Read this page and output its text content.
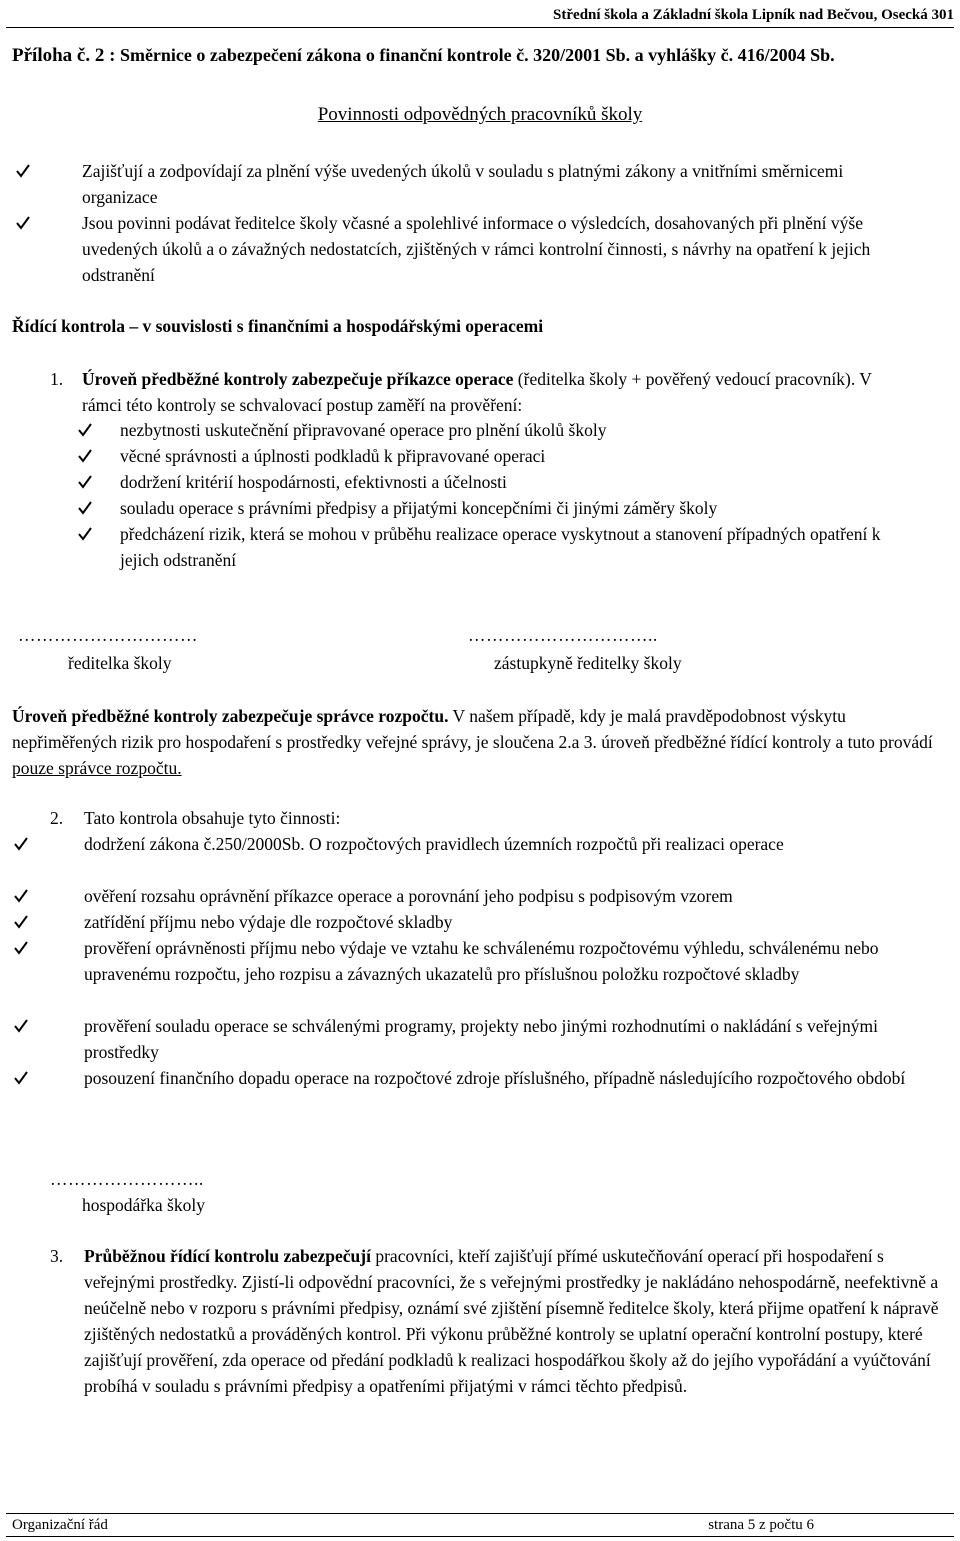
Střední škola a Základní škola Lipník nad Bečvou, Osecká 301
Příloha č. 2 : Směrnice o zabezpečení zákona o finanční kontrole č. 320/2001 Sb. a vyhlášky č. 416/2004 Sb.
Povinnosti odpovědných pracovníků školy
Zajišťují a zodpovídají za plnění výše uvedených úkolů v souladu s platnými zákony a vnitřními směrnicemi organizace
Jsou povinni podávat ředitelce školy včasné a spolehlivé informace o výsledcích, dosahovaných při plnění výše uvedených úkolů a o závažných nedostatcích, zjištěných v rámci kontrolní činnosti, s návrhy na opatření k jejich odstranění
Řídící kontrola – v souvislosti s finančními a hospodářskými operacemi
1. Úroveň předběžné kontroly zabezpečuje příkazce operace (ředitelka školy + pověřený vedoucí pracovník). V rámci této kontroly se schvalovací postup zaměří na prověření:
nezbytnosti uskutečnění připravované operace pro plnění úkolů školy
věcné správnosti a úplnosti podkladů k připravované operaci
dodržení kritérií hospodárnosti, efektivnosti a účelnosti
souladu operace s právními předpisy a přijatými koncepčními či jinými záměry školy
předcházení rizik, která se mohou v průběhu realizace operace vyskytnout a stanovení případných opatření k jejich odstranění
…………………………
ředitelka školy
…………………………..
zástupkyně ředitelky školy
Úroveň předběžné kontroly zabezpečuje správce rozpočtu. V našem případě, kdy je malá pravděpodobnost výskytu nepřiměřených rizik pro hospodaření s prostředky veřejné správy, je sloučena 2.a 3. úroveň předběžné řídící kontroly a tuto provádí pouze správce rozpočtu.
2. Tato kontrola obsahuje tyto činnosti:
dodržení zákona č.250/2000Sb. O rozpočtových pravidlech územních rozpočtů při realizaci operace
ověření rozsahu oprávnění příkazce operace a porovnání jeho podpisu s podpisovým vzorem
zatřídění příjmu nebo výdaje dle rozpočtové skladby
prověření oprávněnosti příjmu nebo výdaje ve vztahu ke schválenému rozpočtovému výhledu, schválenému nebo upravenému rozpočtu, jeho rozpisu a závazných ukazatelů pro příslušnou položku rozpočtové skladby
prověření souladu operace se schválenými programy, projekty nebo jinými rozhodnutími o nakládání s veřejnými prostředky
posouzení finančního dopadu operace na rozpočtové zdroje příslušného, případně následujícího rozpočtového období
……………………..
hospodářka školy
3. Průběžnou řídící kontrolu zabezpečují pracovníci, kteří zajišťují přímé uskutečňování operací při hospodaření s veřejnými prostředky. Zjistí-li odpovědní pracovníci, že s veřejnými prostředky je nakládáno nehospodárně, neefektivně a neúčelně nebo v rozporu s právními předpisy, oznámí své zjištění písemně ředitelce školy, která přijme opatření k nápravě zjištěných nedostatků a prováděných kontrol. Při výkonu průběžné kontroly se uplatní operační kontrolní postupy, které zajišťují prověření, zda operace od předání podkladů k realizaci hospodářkou školy až do jejího vypořádání a vyúčtování probíhá v souladu s právními předpisy a opatřeními přijatými v rámci těchto předpisů.
Organizační řád	strana 5 z počtu 6
